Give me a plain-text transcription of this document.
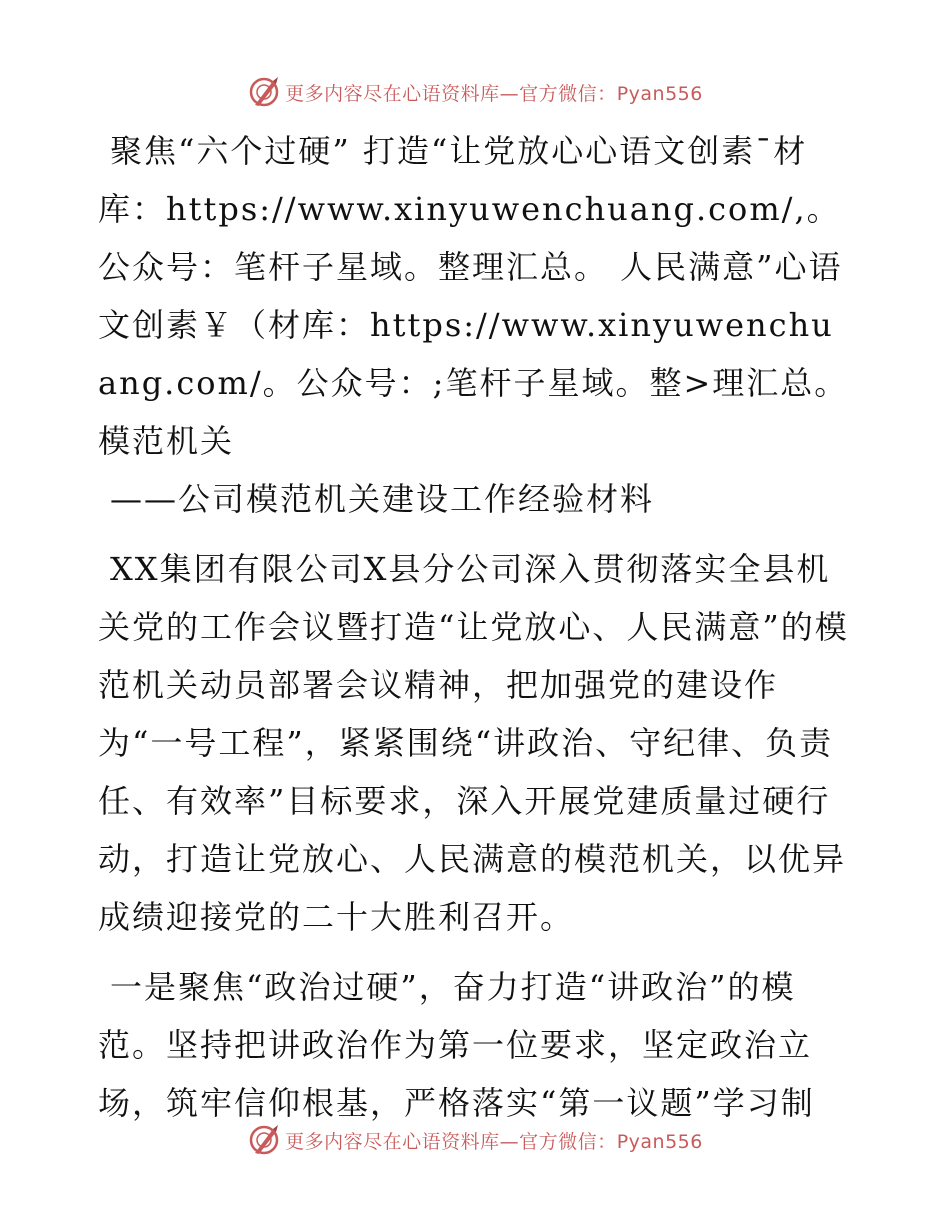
更多内容尽在心语资料库—官方微信：Pyan556

聚焦“六个过硬” 打造“让党放心心语文创素¯材库：https://www.xinyuwenchuang.com/,。公众号：笔杆子星域。整理汇总。 人民满意”心语文创素￥（材库：https://www.xinyuwenchuang.com/。公众号：;笔杆子星域。整>理汇总。模范机关

——公司模范机关建设工作经验材料

XX集团有限公司X县分公司深入贯彻落实全县机关党的工作会议暨打造“让党放心、人民满意”的模范机关动员部署会议精神，把加强党的建设作为“一号工程”，紧紧围绕“讲政治、守纪律、负责任、有效率”目标要求，深入开展党建质量过硬行动，打造让党放心、人民满意的模范机关，以优异成绩迎接党的二十大胜利召开。

一是聚焦“政治过硬”，奋力打造“讲政治”的模范。坚持把讲政治作为第一位要求，坚定政治立场，筑牢信仰根基，严格落实“第一议题”学习制

更多内容尽在心语资料库—官方微信：Pyan556
